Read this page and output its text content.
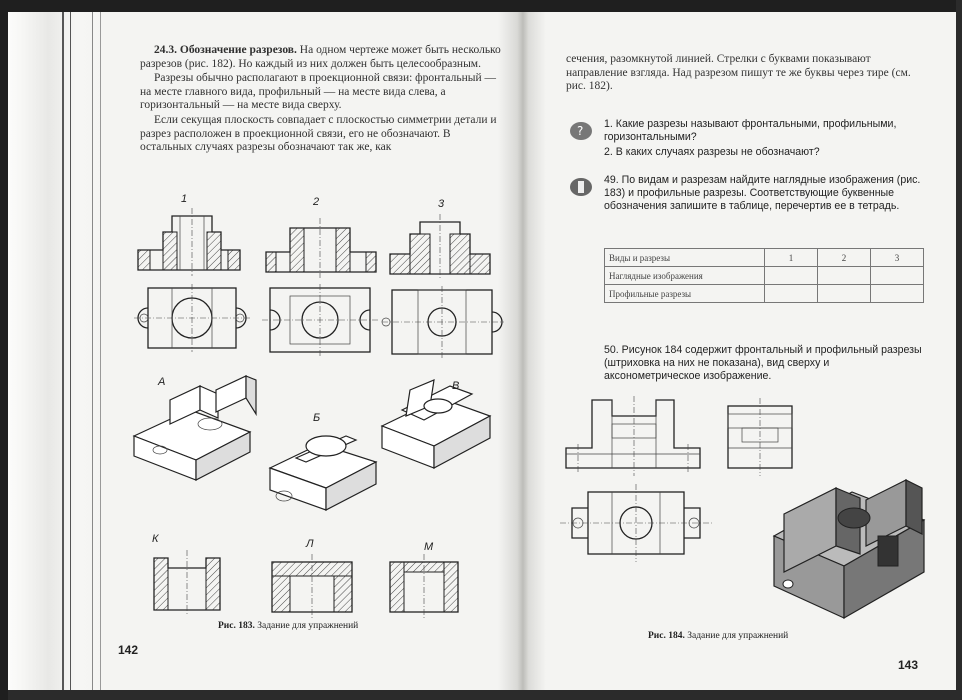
24.3. Обозначение разрезов. На одном чертеже может быть несколько разрезов (рис. 182). Но каждый из них должен быть целесообразным.

Разрезы обычно располагают в проекционной связи: фронтальный — на месте главного вида, профильный — на месте вида слева, а горизонтальный — на месте вида сверху.

Если секущая плоскость совпадает с плоскостью симметрии детали и разрез расположен в проекционной связи, его не обозначают. В остальных случаях разрезы обозначают так же, как

1	2	3
А
Б
В
К	Л	М
Рис. 183. Задание для упражнений
142
сечения, разомкнутой линией. Стрелки с буквами показывают направление взгляда. Над разрезом пишут те же буквы через тире (см. рис. 182).
? 1. Какие разрезы называют фронтальными, профильными, горизонтальными?
2. В каких случаях разрезы не обозначают?
49. По видам и разрезам найдите наглядные изображения (рис. 183) и профильные разрезы. Соответствующие буквенные обозначения запишите в таблице, перечертив ее в тетрадь.
Виды и разрезы	1	2	3
Наглядные изображения			
Профильные разрезы			
50. Рисунок 184 содержит фронтальный и профильный разрезы (штриховка на них не показана), вид сверху и аксонометрическое изображение.
Рис. 184. Задание для упражнений
143
